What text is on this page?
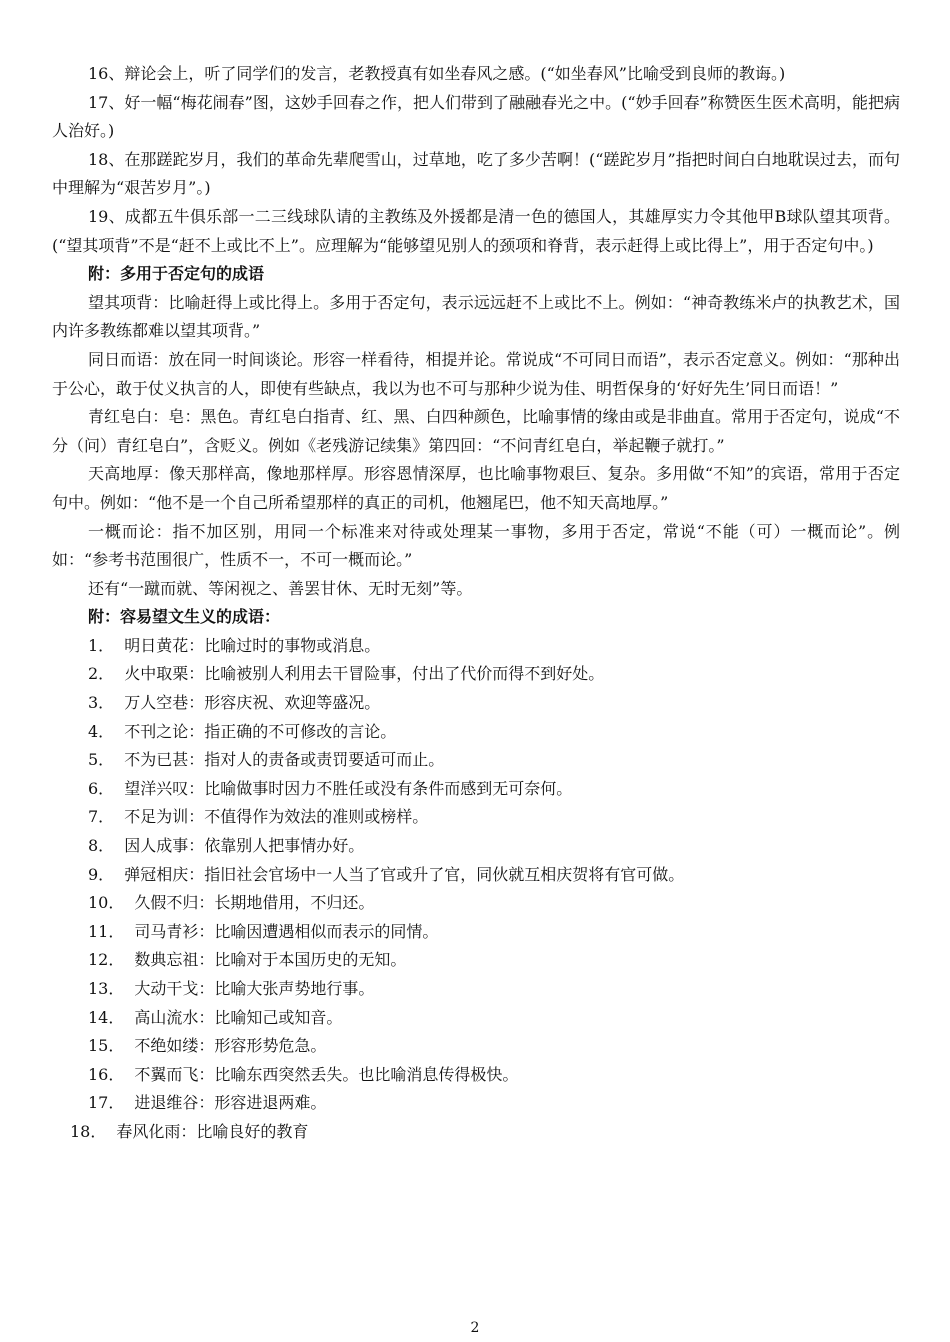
16、辩论会上，听了同学们的发言，老教授真有如坐春风之感。(“如坐春风”比喻受到良师的教诲。)

17、好一幅“梅花闹春”图，这妙手回春之作，把人们带到了融融春光之中。(“妙手回春”称赞医生医术高明，能把病人治好。)

18、在那蹉跎岁月，我们的革命先辈爬雪山，过草地，吃了多少苦啊！(“蹉跎岁月”指把时间白白地耽误过去，而句中理解为“艰苦岁月”。)

19、成都五牛俱乐部一二三线球队请的主教练及外援都是清一色的德国人，其雄厚实力令其他甲B球队望其项背。(“望其项背”不是“赶不上或比不上”。应理解为“能够望见别人的颈项和脊背，表示赶得上或比得上”，用于否定句中。)

附：多用于否定句的成语

望其项背：比喻赶得上或比得上。多用于否定句，表示远远赶不上或比不上。例如：“神奇教练米卢的执教艺术，国内许多教练都难以望其项背。”

同日而语：放在同一时间谈论。形容一样看待，相提并论。常说成“不可同日而语”，表示否定意义。例如：“那种出于公心，敢于仗义执言的人，即使有些缺点，我以为也不可与那种少说为佳、明哲保身的‘好好先生’同日而语！”

青红皂白：皂：黑色。青红皂白指青、红、黑、白四种颜色，比喻事情的缘由或是非曲直。常用于否定句，说成“不分（问）青红皂白”，含贬义。例如《老残游记续集》第四回：“不问青红皂白，举起鞭子就打。”

天高地厚：像天那样高，像地那样厚。形容恩情深厚，也比喻事物艰巨、复杂。多用做“不知”的宾语，常用于否定句中。例如：“他不是一个自己所希望那样的真正的司机，他翘尾巴，他不知天高地厚。”

一概而论：指不加区别，用同一个标准来对待或处理某一事物，多用于否定，常说“不能（可）一概而论”。例如：“参考书范围很广，性质不一，不可一概而论。”

还有“一蹴而就、等闲视之、善罢甘休、无时无刻”等。

附：容易望文生义的成语：

1． 明日黄花：比喻过时的事物或消息。

2． 火中取栗：比喻被别人利用去干冒险事，付出了代价而得不到好处。

3． 万人空巷：形容庆祝、欢迎等盛况。

4． 不刊之论：指正确的不可修改的言论。

5． 不为已甚：指对人的责备或责罚要适可而止。

6． 望洋兴叹：比喻做事时因力不胜任或没有条件而感到无可奈何。

7． 不足为训：不值得作为效法的准则或榜样。

8． 因人成事：依靠别人把事情办好。

9． 弹冠相庆：指旧社会官场中一人当了官或升了官，同伙就互相庆贺将有官可做。

10． 久假不归：长期地借用，不归还。

11． 司马青衫：比喻因遭遇相似而表示的同情。

12． 数典忘祖：比喻对于本国历史的无知。

13． 大动干戈：比喻大张声势地行事。

14． 高山流水：比喻知己或知音。

15． 不绝如缕：形容形势危急。

16． 不翼而飞：比喻东西突然丢失。也比喻消息传得极快。

17． 进退维谷：形容进退两难。

18． 春风化雨：比喻良好的教育

2
